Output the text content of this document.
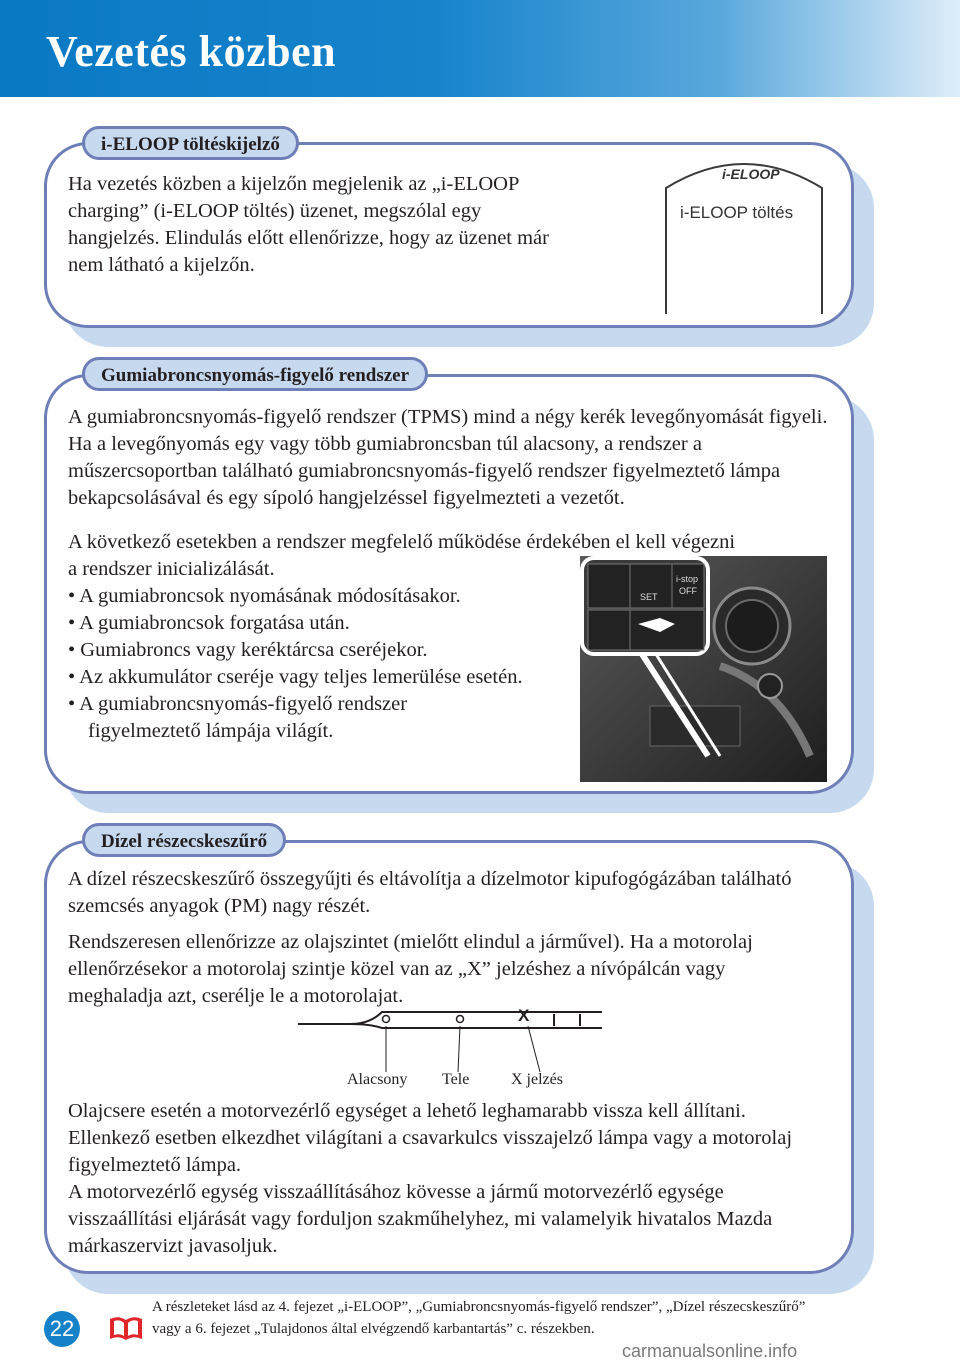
Vezetés közben
i-ELOOP töltéskijelző
Ha vezetés közben a kijelzőn megjelenik az „i-ELOOP charging” (i-ELOOP töltés) üzenet, megszólal egy hangjelzés. Elindulás előtt ellenőrizze, hogy az üzenet már nem látható a kijelzőn.
i-ELOOP
i-ELOOP töltés
Gumiabroncsnyomás-figyelő rendszer
A gumiabroncsnyomás-figyelő rendszer (TPMS) mind a négy kerék levegőnyomását figyeli. Ha a levegőnyomás egy vagy több gumiabroncsban túl alacsony, a rendszer a műszercsoportban található gumiabroncsnyomás-figyelő rendszer figyelmeztető lámpa bekapcsolásával és egy sípoló hangjelzéssel figyelmezteti a vezetőt.

A következő esetekben a rendszer megfelelő működése érdekében el kell végezni

a rendszer inicializálását.

• A gumiabroncsok nyomásának módosításakor.

• A gumiabroncsok forgatása után.

• Gumiabroncs vagy keréktárcsa cseréjekor.

• Az akkumulátor cseréje vagy teljes lemerülése esetén.

• A gumiabroncsnyomás-figyelő rendszer

figyelmeztető lámpája világít.

SET
i-stop
OFF
Dízel részecskeszűrő
A dízel részecskeszűrő összegyűjti és eltávolítja a dízelmotor kipufogógázában található szemcsés anyagok (PM) nagy részét.
Rendszeresen ellenőrizze az olajszintet (mielőtt elindul a járművel). Ha a motorolaj ellenőrzésekor a motorolaj szintje közel van az „X” jelzéshez a nívópálcán vagy meghaladja azt, cserélje le a motorolajat.
X
Alacsony Tele	X jelzés
Olajcsere esetén a motorvezérlő egységet a lehető leghamarabb vissza kell állítani. Ellenkező esetben elkezdhet világítani a csavarkulcs visszajelző lámpa vagy a motorolaj figyelmeztető lámpa.
A motorvezérlő egység visszaállításához kövesse a jármű motorvezérlő egysége visszaállítási eljárását vagy forduljon szakműhelyhez, mi valamelyik hivatalos Mazda márkaszervizt javasoljuk.
22
A részleteket lásd az 4. fejezet „i-ELOOP”, „Gumiabroncsnyomás-figyelő rendszer”, „Dízel részecskeszűrő” vagy a 6. fejezet „Tulajdonos által elvégzendő karbantartás” c. részekben.
carmanualsonline.info
